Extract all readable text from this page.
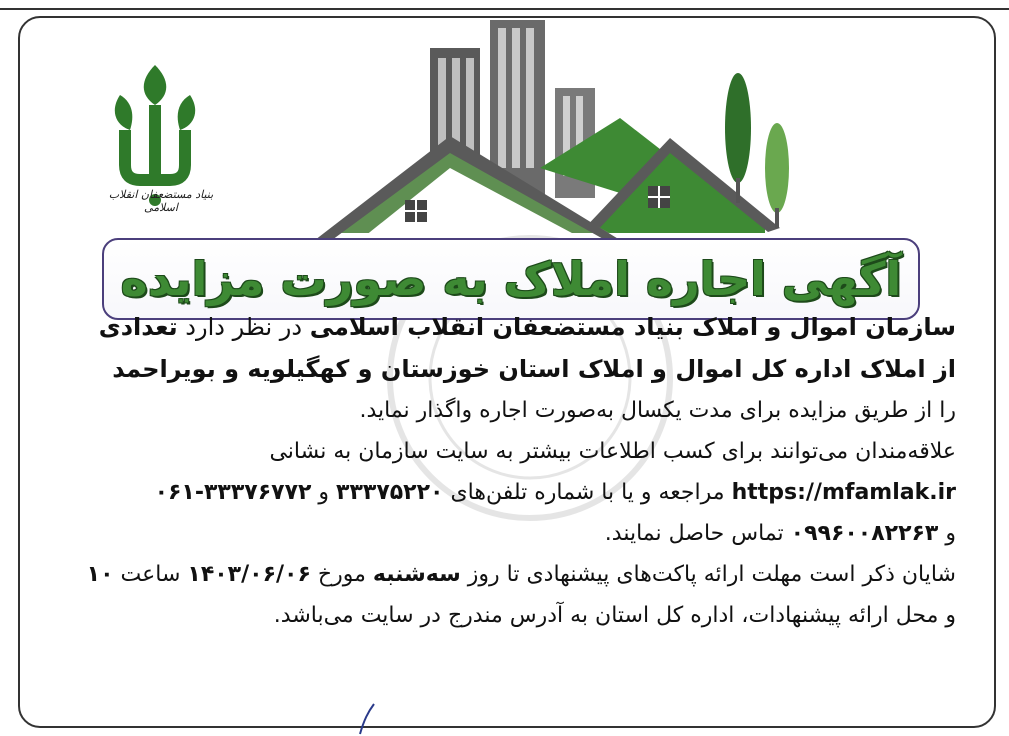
بنیاد مستضعفان انقلاب اسلامی
آگهی اجاره املاک به صورت مزایده
سازمان اموال و املاک بنیاد مستضعفان انقلاب اسلامی در نظر دارد تعدادی
از املاک اداره کل اموال و املاک استان خوزستان و کهگیلویه و بویراحمد
را از طریق مزایده برای مدت یکسال به‌صورت اجاره واگذار نماید.
علاقه‌مندان می‌توانند برای کسب اطلاعات بیشتر به سایت سازمان به نشانی
https://mfamlak.ir مراجعه و یا با شماره تلفن‌های ۳۳۳۷۵۲۲۰ و ۳۳۳۷۶۷۷۲-۰۶۱
و ۰۹۹۶۰۰۸۲۲۶۳ تماس حاصل نمایند.
شایان ذکر است مهلت ارائه پاکت‌های پیشنهادی تا روز سه‌شنبه مورخ ۱۴۰۳/۰۶/۰۶ ساعت ۱۰
و محل ارائه پیشنهادات، اداره کل استان به آدرس مندرج در سایت می‌باشد.
